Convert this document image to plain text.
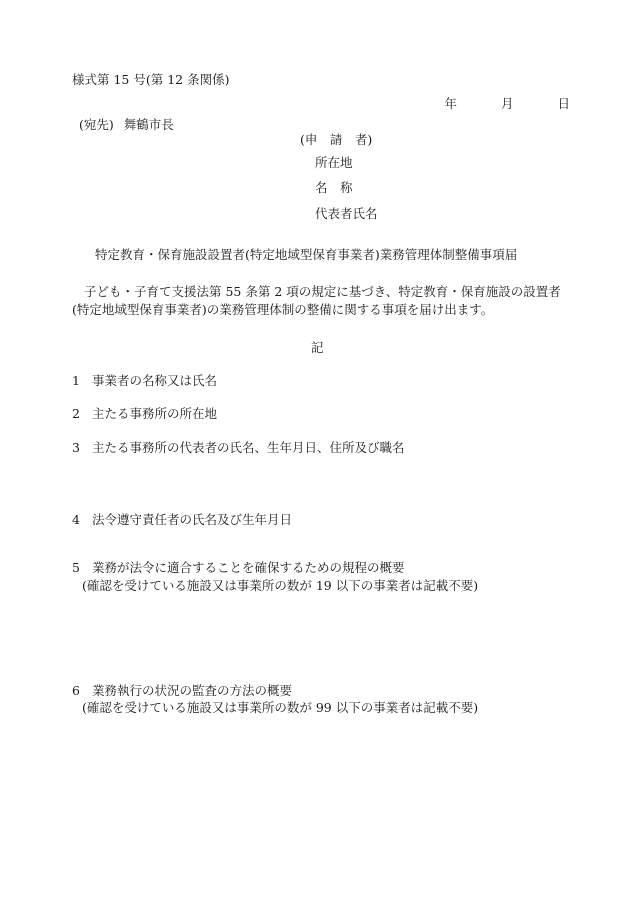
様式第 15 号(第 12 条関係)
年	月	日
(宛先) 舞鶴市長
(申　請　者)
所在地
名　称
代表者氏名
特定教育・保育施設設置者(特定地域型保育事業者)業務管理体制整備事項届
子ども・子育て支援法第 55 条第 2 項の規定に基づき、特定教育・保育施設の設置者(特定地域型保育事業者)の業務管理体制の整備に関する事項を届け出ます。
記
1 事業者の名称又は氏名
2 主たる事務所の所在地
3 主たる事務所の代表者の氏名、生年月日、住所及び職名
4 法令遵守責任者の氏名及び生年月日
5 業務が法令に適合することを確保するための規程の概要
(確認を受けている施設又は事業所の数が 19 以下の事業者は記載不要)
6 業務執行の状況の監査の方法の概要
(確認を受けている施設又は事業所の数が 99 以下の事業者は記載不要)
